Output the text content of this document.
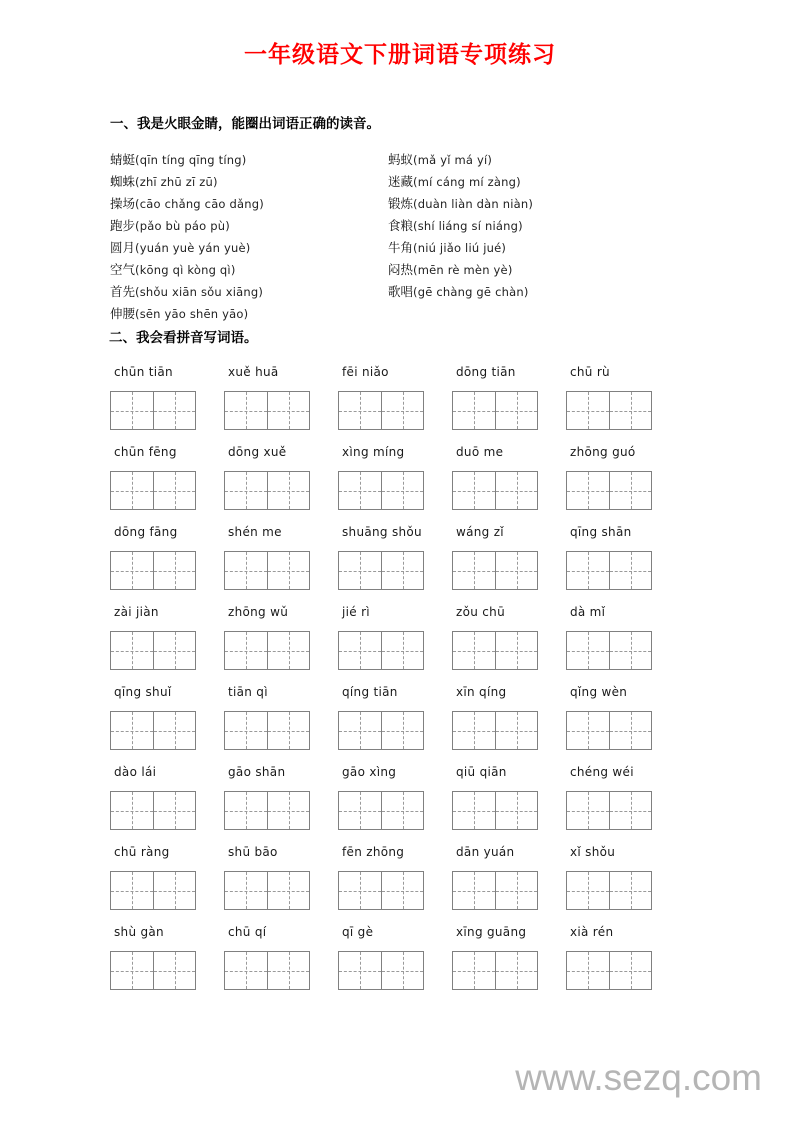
一年级语文下册词语专项练习
一、我是火眼金睛，能圈出词语正确的读音。
蜻蜓(qīn tíng qīng tíng)	蚂蚁(mǎ yǐ má yí)
蜘蛛(zhī zhū zī zū)	迷藏(mí cáng mí zàng)
操场(cāo chǎng cāo dǎng)	锻炼(duàn liàn dàn niàn)
跑步(pǎo bù páo pù)	食粮(shí liáng sí niáng)
圆月(yuán yuè yán yuè)	牛角(niú jiǎo liú jué)
空气(kōng qì kòng qì)	闷热(mēn rè mèn yè)
首先(shǒu xiān sǒu xiāng)	歌唱(gē chàng gē chàn)
伸腰(sēn yāo shēn yāo)	
二、我会看拼音写词语。
chūn tiān	xuě huā	fēi niǎo	dōng tiān	chū rù
chūn fēng	dōng xuě	xìng míng	duō me	zhōng guó
dōng fāng	shén me	shuāng shǒu	wáng zǐ	qīng shān
zài jiàn	zhōng wǔ	jié rì	zǒu chū	dà mǐ
qīng shuǐ	tiān qì	qíng tiān	xīn qíng	qǐng wèn
dào lái	gāo shān	gāo xìng	qiū qiān	chéng wéi
chū ràng	shū bāo	fēn zhōng	dān yuán	xǐ shǒu
shù gàn	chū qí	qī gè	xīng guāng	xià rén
www.sezq.com
